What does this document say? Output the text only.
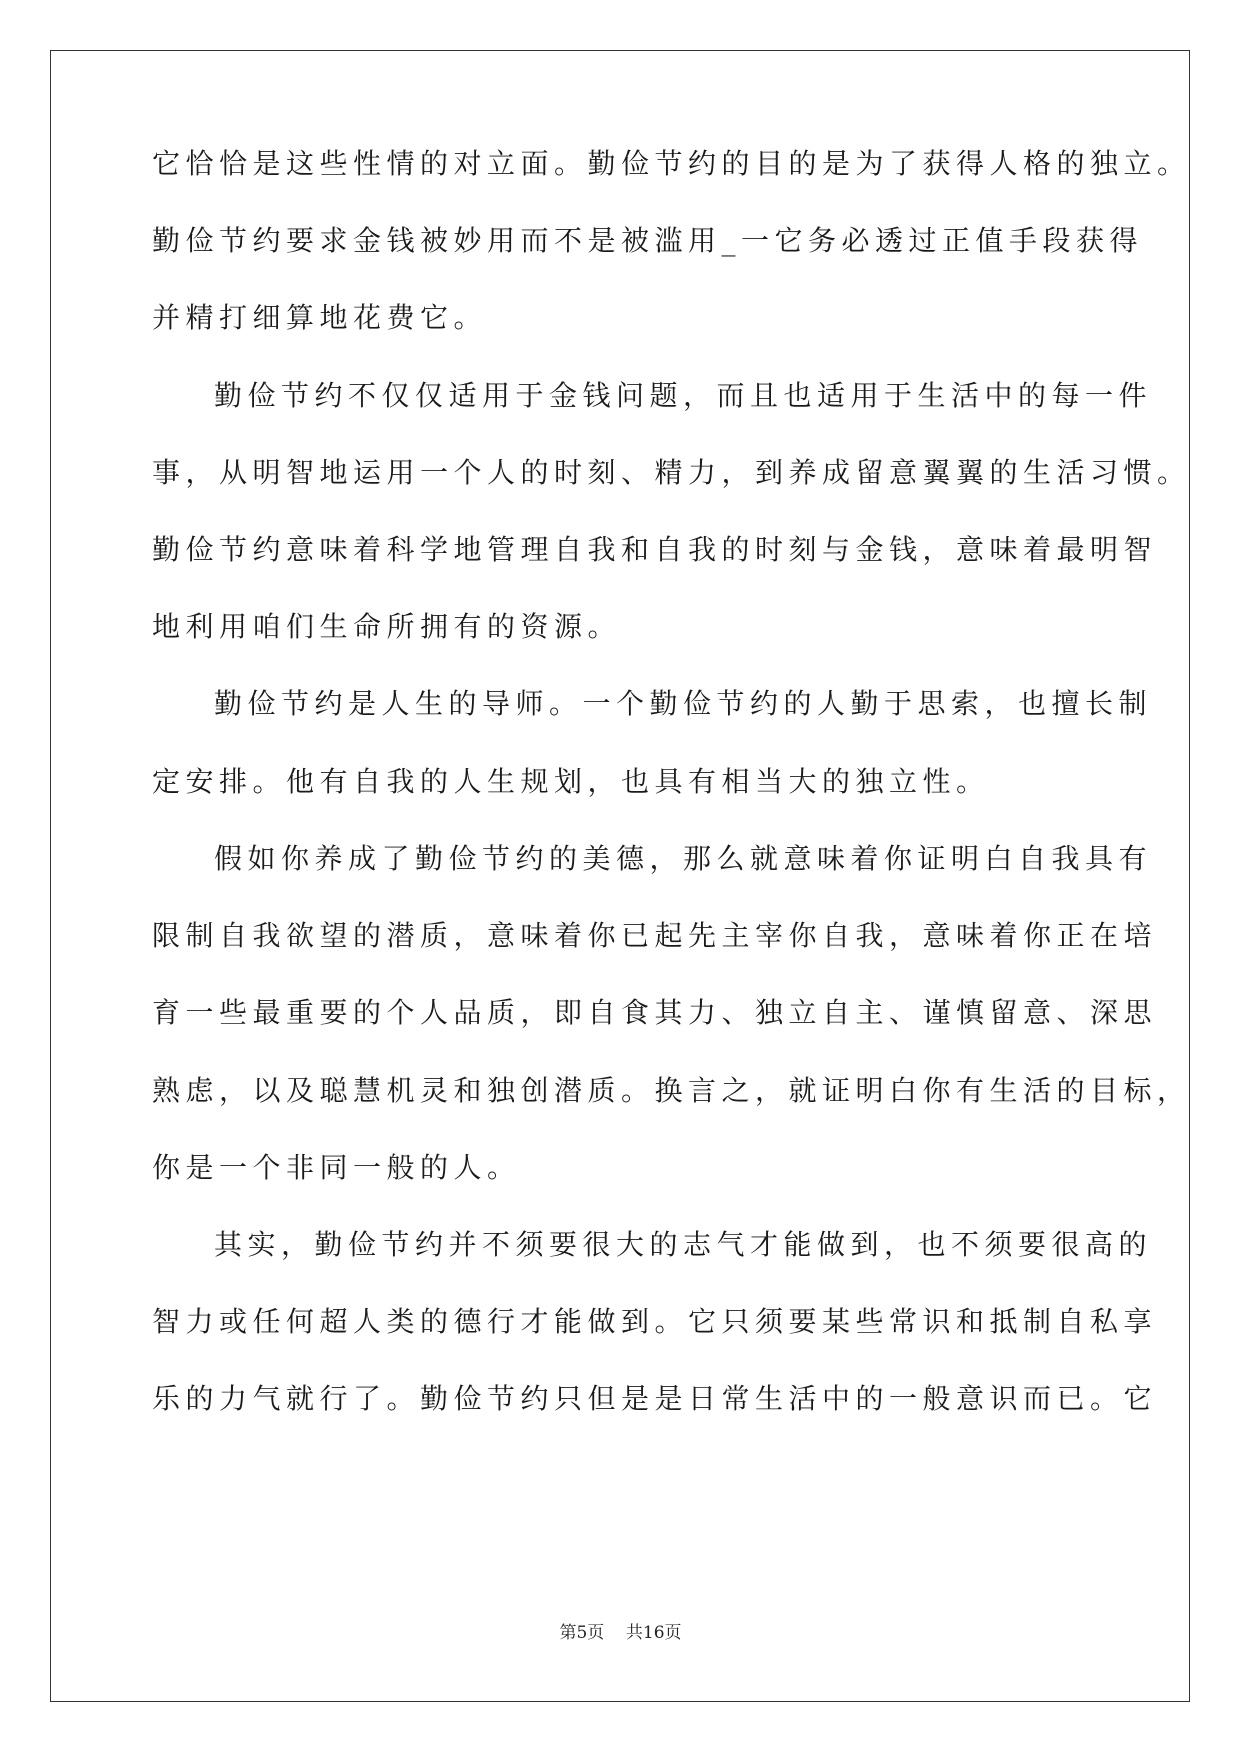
它恰恰是这些性情的对立面。勤俭节约的目的是为了获得人格的独立。
勤俭节约要求金钱被妙用而不是被滥用_一它务必透过正值手段获得
并精打细算地花费它。
勤俭节约不仅仅适用于金钱问题，而且也适用于生活中的每一件
事，从明智地运用一个人的时刻、精力，到养成留意翼翼的生活习惯。
勤俭节约意味着科学地管理自我和自我的时刻与金钱，意味着最明智
地利用咱们生命所拥有的资源。
勤俭节约是人生的导师。一个勤俭节约的人勤于思索，也擅长制
定安排。他有自我的人生规划，也具有相当大的独立性。
假如你养成了勤俭节约的美德，那么就意味着你证明白自我具有
限制自我欲望的潜质，意味着你已起先主宰你自我，意味着你正在培
育一些最重要的个人品质，即自食其力、独立自主、谨慎留意、深思
熟虑，以及聪慧机灵和独创潜质。换言之，就证明白你有生活的目标，
你是一个非同一般的人。
其实，勤俭节约并不须要很大的志气才能做到，也不须要很高的
智力或任何超人类的德行才能做到。它只须要某些常识和抵制自私享
乐的力气就行了。勤俭节约只但是是日常生活中的一般意识而已。它
第5页    共16页
